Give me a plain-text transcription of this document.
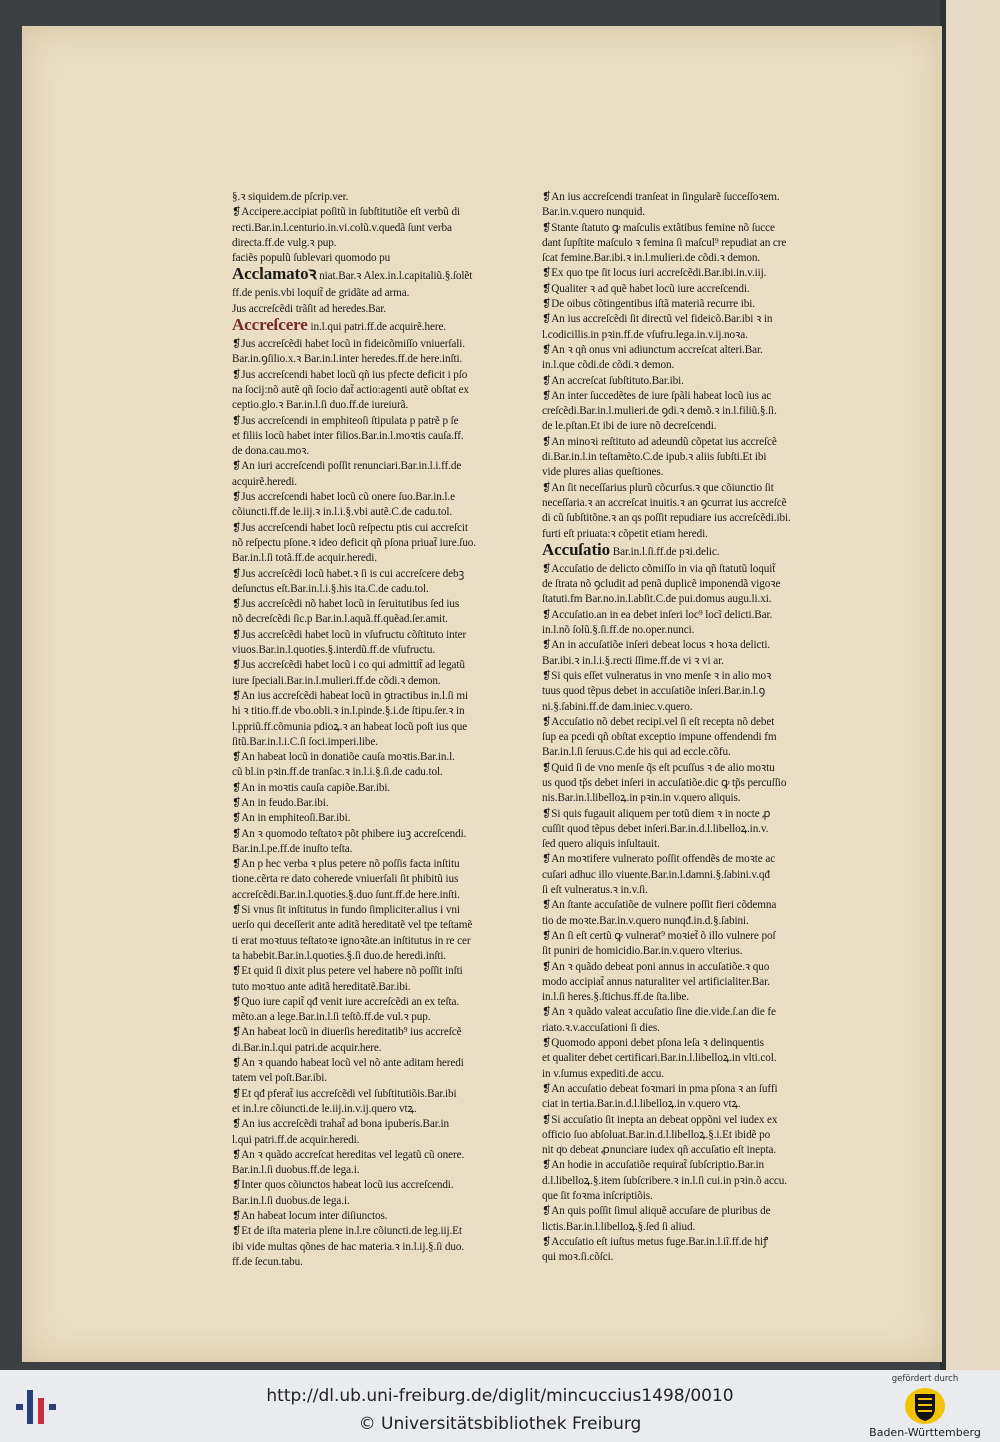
§.ꝛ siquidem.de pſcrip.ver.
❡Accipere.accipiat poſitũ in ſubſtitutiõe eſt verbũ di
recti.Bar.in.l.centurio.in.vi.colũ.v.quedã ſunt verba
directa.ff.de vulg.ꝛ pup.
faciẽs populũ ſublevari quomodo pu
Acclamatoꝛ niat.Bar.ꝛ Alex.in.l.capitaliũ.§.ſolẽt
ff.de penis.vbi loquit̃ de gridãte ad arma.
Jus accreſcẽdi trãſit ad heredes.Bar.
Accreſcere in.l.qui patri.ff.de acquirẽ.here.
❡Jus accreſcẽdi habet locũ in fideicõmiſſo vniuerſali.
Bar.in.ꝯſilio.x.ꝛ Bar.in.l.inter heredes.ff.de here.inſti.
❡Jus accreſcendi habet locũ qñ ius pfecte deficit i pſo
na ſocij:nõ autẽ qñ ſocio dat̃ actio:agenti autẽ obſtat ex
ceptio.glo.ꝛ Bar.in.l.ſi duo.ff.de iureiurã.
❡Jus accreſcendi in emphiteoſi ſtipulata p patrẽ p ſe
et filiis locũ habet inter filios.Bar.in.l.moꝛtis cauſa.ff.
de dona.cau.moꝛ.
❡An iuri accreſcendi poſſit renunciari.Bar.in.l.i.ff.de
acquirẽ.heredi.
❡Jus accreſcendi habet locũ cũ onere ſuo.Bar.in.l.e
cõiuncti.ff.de le.iij.ꝛ in.l.i.§.vbi autẽ.C.de cadu.tol.
❡Jus accreſcendi habet locũ reſpectu ptis cui accreſcit
nõ reſpectu pſone.ꝛ ideo deficit qñ pſona priuat̃ iure.ſuo.
Bar.in.l.ſi totã.ff.de acquir.heredi.
❡Jus accreſcẽdi locũ habet.ꝛ ſi is cui accreſcere debꝫ
deſunctus eſt.Bar.in.l.i.§.his ita.C.de cadu.tol.
❡Jus accreſcẽdi nõ habet locũ in ſeruitutibus ſed ius
nõ decreſcẽdi ſic.p Bar.in.l.aquã.ff.quẽad.ſer.amit.
❡Jus accreſcẽdi habet locũ in vſufructu cõſtituto inter
viuos.Bar.in.l.quoties.§.interdũ.ff.de vſufructu.
❡Jus accreſcẽdi habet locũ i co qui admittit̃ ad legatũ
iure ſpeciali.Bar.in.l.mulieri.ff.de cõdi.ꝛ demon.
❡An ius accreſcẽdi habeat locũ in ꝯtractibus in.l.ſi mi
hi ꝛ titio.ff.de vbo.obli.ꝛ in.l.pinde.§.i.de ſtipu.ſer.ꝛ in
l.ppriũ.ff.cõmunia pdioꝝ.ꝛ an habeat locũ poſt ius que
ſitũ.Bar.in.l.i.C.ſi ſoci.imperi.libe.
❡An habeat locũ in donatiõe cauſa moꝛtis.Bar.in.l.
cũ bl.in pꝛin.ff.de tranſac.ꝛ in.l.i.§.ſi.de cadu.tol.
❡An in moꝛtis cauſa capiõe.Bar.ibi.
❡An in feudo.Bar.ibi.
❡An in emphiteoſi.Bar.ibi.
❡An ꝛ quomodo teſtatoꝛ põt phibere iuꝫ accreſcendi.
Bar.in.l.pe.ff.de inuſto teſta.
❡An p hec verba ꝛ plus petere nõ poſſis facta inſtitu
tione.cẽrta re dato coherede vniuerſali ſit phibitũ ius
accreſcẽdi.Bar.in.l.quoties.§.duo ſunt.ff.de here.inſti.
❡Si vnus ſit inſtitutus in fundo ſimpliciter.alius i vni
uerſo qui deceſſerit ante aditã hereditatẽ vel tpe teſtamẽ
ti erat moꝛtuus teſtatoꝛe ignoꝛãte.an inſtitutus in re cer
ta habebit.Bar.in.l.quoties.§.ſi duo.de heredi.inſti.
❡Et quid ſi dixit plus petere vel habere nõ poſſit inſti
tuto moꝛtuo ante aditã hereditatẽ.Bar.ibi.
❡Quo iure capit̃ qđ venit iure accreſcẽdi an ex teſta.
mẽto.an a lege.Bar.in.l.ſi teſtõ.ff.de vul.ꝛ pup.
❡An habeat locũ in diuerſis hereditatib⁹ ius accreſcẽ
di.Bar.in.l.qui patri.de acquir.here.
❡An ꝛ quando habeat locũ vel nõ ante aditam heredi
tatem vel poſt.Bar.ibi.
❡Et qđ pferat̃ ius accreſcẽdi vel ſubſtitutiõis.Bar.ibi
et in.l.re cõiuncti.de le.iij.in.v.ij.quero vtꝝ.
❡An ius accreſcẽdi trahat̃ ad bona ipuberis.Bar.in
l.qui patri.ff.de acquir.heredi.
❡An ꝛ quãdo accreſcat hereditas vel legatũ cũ onere.
Bar.in.l.ſi duobus.ff.de lega.i.
❡Inter quos cõiunctos habeat locũ ius accreſcendi.
Bar.in.l.ſi duobus.de lega.i.
❡An habeat locum inter diſiunctos.
❡Et de iſta materia plene in.l.re cõiuncti.de leg.iij.Et
ibi vide multas qõnes de hac materia.ꝛ in.l.ij.§.ſi duo.
ff.de ſecun.tabu.
❡An ius accreſcendi tranſeat in ſingularẽ ſucceſſoꝛem.
Bar.in.v.quero nunquid.
❡Stante ſtatuto ꝙ maſculis extãtibus femine nõ ſucce
dant ſupſtite maſculo ꝛ femina ſi maſcul⁹ repudiat an cre
ſcat femine.Bar.ibi.ꝛ in.l.mulieri.de cõdi.ꝛ demon.
❡Ex quo tpe ſit locus iuri accreſcẽdi.Bar.ibi.in.v.iij.
❡Qualiter ꝛ ad quẽ habet locũ iure accreſcendi.
❡De oibus cõtingentibus iſtã materiã recurre ibi.
❡An ius accreſcẽdi ſit directũ vel fideicõ.Bar.ibi ꝛ in
l.codicillis.in pꝛin.ff.de vſufru.lega.in.v.ij.noꝛa.
❡An ꝛ qñ onus vni adiunctum accreſcat alteri.Bar.
in.l.que cõdi.de cõdi.ꝛ demon.
❡An accreſcat ſubſtituto.Bar.ibi.
❡An inter ſuccedẽtes de iure ſpãli habeat locũ ius ac
creſcẽdi.Bar.in.l.mulieri.de ꝯdi.ꝛ demõ.ꝛ in.l.filiũ.§.ſi.
de le.pſtan.Et ibi de iure nõ decreſcendi.
❡An minoꝛi reſtituto ad adeundũ cõpetat ius accreſcẽ
di.Bar.in.l.in teſtamẽto.C.de ipub.ꝛ aliis ſubſti.Et ibi
vide plures alias queſtiones.
❡An ſit neceſſarius plurũ cõcurſus.ꝛ que cõiunctio ſit
neceſſaria.ꝛ an accreſcat inuitis.ꝛ an ꝯcurrat ius accreſcẽ
di cũ ſubſtitõne.ꝛ an qs poſſit repudiare ius accreſcẽdi.ibi.
furti eſt priuata:ꝛ cõpetit etiam heredi.
Accuſatio Bar.in.l.ſi.ff.de pꝛi.delic.
❡Accuſatio de delicto cõmiſſo in via qñ ſtatutũ loquit̃
de ſtrata nõ ꝯcludit ad penã duplicẽ imponendã vigoꝛe
ſtatuti.fm Bar.no.in.l.abſit.C.de pui.domus augu.li.xi.
❡Accuſatio.an in ea debet inſeri loc⁹ locĩ delicti.Bar.
in.l.nõ ſolũ.§.ſi.ff.de no.oper.nunci.
❡An in accuſatiõe inſeri debeat locus ꝛ hoꝛa delicti.
Bar.ibi.ꝛ in.l.i.§.recti ſſime.ff.de vi ꝛ vi ar.
❡Si quis eſſet vulneratus in vno menſe ꝛ in alio moꝛ
tuus quod tẽpus debet in accuſatiõe inſeri.Bar.in.l.ꝯ
ni.§.ſabini.ff.de dam.iniec.v.quero.
❡Accuſatio nõ debet recipi.vel ſi eſt recepta nõ debet
ſup ea pcedi qñ obſtat exceptio impune offendendi fm
Bar.in.l.ſi ſeruus.C.de his qui ad eccle.cõfu.
❡Quid ſi de vno menſe q̃s eſt pcuſſus ꝛ de alio moꝛtu
us quod tp̃s debet inſeri in accuſatiõe.dic ꝙ tp̃s percuſſio
nis.Bar.in.l.libelloꝝ.in pꝛin.in v.quero aliquis.
❡Si quis fugauit aliquem per totũ diem ꝛ in nocte ꝓ
cuſſit quod tẽpus debet inſeri.Bar.in.d.l.libelloꝝ.in.v.
ſed quero aliquis inſultauit.
❡An moꝛtifere vulnerato poſſit offendẽs de moꝛte ac
cuſari adhuc illo viuente.Bar.in.l.damni.§.ſabini.v.qđ
ſi eſt vulneratus.ꝛ in.v.ſi.
❡An ſtante accuſatiõe de vulnere poſſit fieri cõdemna
tio de moꝛte.Bar.in.v.quero nunqđ.in.d.§.ſabini.
❡An ſi eſt certũ ꝙ vulnerat⁹ moꝛiet̃ õ illo vulnere poſ
ſit puniri de homicidio.Bar.in.v.quero vlterius.
❡An ꝛ quãdo debeat poni annus in accuſatiõe.ꝛ quo
modo accipiat̃ annus naturaliter vel artificialiter.Bar.
in.l.ſi heres.§.ſtichus.ff.de ſta.libe.
❡An ꝛ quãdo valeat accuſatio ſine die.vide.ſ.an die fe
riato.ꝛ.v.accuſationi ſi dies.
❡Quomodo apponi debet pſona leſa ꝛ delinquentis
et qualiter debet certificari.Bar.in.l.libelloꝝ.in vlti.col.
in v.ſumus expediti.de accu.
❡An accuſatio debeat foꝛmari in pma pſona ꝛ an ſuffi
ciat in tertia.Bar.in.d.l.libelloꝝ.in v.quero vtꝝ.
❡Si accuſatio ſit inepta an debeat oppõni vel iudex ex
officio ſuo abſoluat.Bar.in.d.l.libelloꝝ.§.i.Et ibidẽ po
nit qͦo debeat ꝓnunciare iudex qñ accuſatio eſt inepta.
❡An hodie in accuſatiõe requirat̃ ſubſcriptio.Bar.in
d.l.libelloꝝ.§.item ſubſcribere.ꝛ in.l.ſi cui.in pꝛin.õ accu.
que ſit foꝛma inſcriptiõis.
❡An quis poſſit ſimul aliquẽ accuſare de pluribus de
lictis.Bar.in.l.libelloꝝ.§.ſed ſi aliud.
❡Accuſatio eſt iuſtus metus fuge.Bar.in.l.iĩ.ff.de hiꝭ
qui moꝛ.ſi.cõſci.
http://dl.ub.uni-freiburg.de/diglit/mincuccius1498/0010
© Universitätsbibliothek Freiburg
gefördert durch
Baden-Württemberg
